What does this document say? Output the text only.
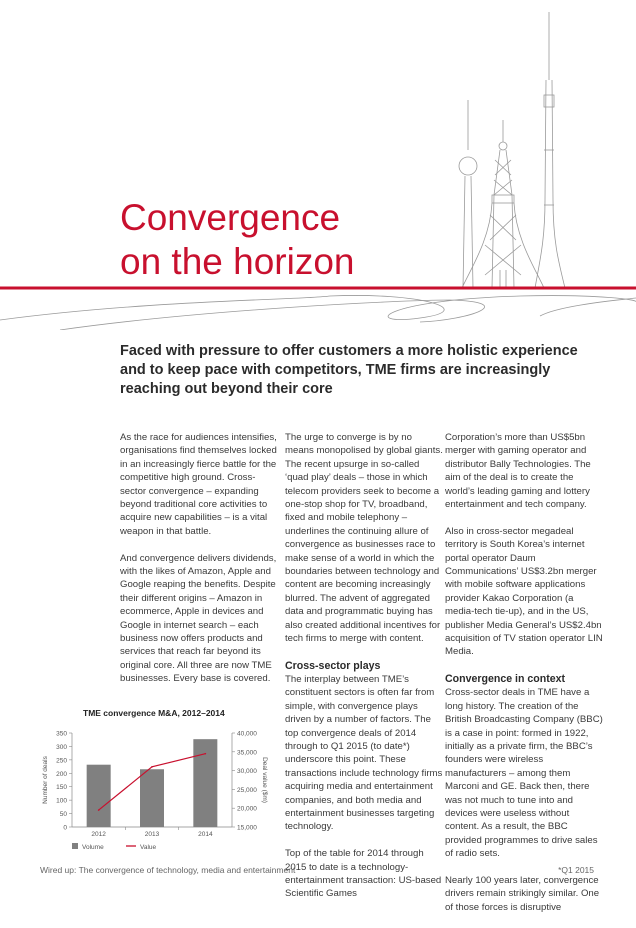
Convergence
on the horizon

Faced with pressure to offer customers a more holistic experience and to keep pace with competitors, TME firms are increasingly reaching out beyond their core

As the race for audiences intensifies, organisations find themselves locked in an increasingly fierce battle for the competitive high ground. Cross-sector convergence – expanding beyond traditional core activities to acquire new capabilities – is a vital weapon in that battle.

And convergence delivers dividends, with the likes of Amazon, Apple and Google reaping the benefits. Despite their different origins – Amazon in ecommerce, Apple in devices and Google in internet search – each business now offers products and services that reach far beyond its original core. All three are now TME businesses. Every base is covered.

The urge to converge is by no means monopolised by global giants. The recent upsurge in so-called ‘quad play’ deals – those in which telecom providers seek to become a one-stop shop for TV, broadband, fixed and mobile telephony – underlines the continuing allure of convergence as businesses race to make sense of a world in which the boundaries between technology and content are becoming increasingly blurred. The advent of aggregated data and programmatic buying has also created additional incentives for tech firms to merge with content.

Cross-sector plays

The interplay between TME’s constituent sectors is often far from simple, with convergence plays driven by a number of factors. The top convergence deals of 2014 through to Q1 2015 (to date*) underscore this point. These transactions include technology firms acquiring media and entertainment companies, and both media and entertainment businesses targeting technology.

Top of the table for 2014 through 2015 to date is a technology-entertainment transaction: US-based Scientific Games

Corporation’s more than US$5bn merger with gaming operator and distributor Bally Technologies. The aim of the deal is to create the world’s leading gaming and lottery entertainment and tech company.

Also in cross-sector megadeal territory is South Korea’s internet portal operator Daum Communications’ US$3.2bn merger with mobile software applications provider Kakao Corporation (a media-tech tie-up), and in the US, publisher Media General’s US$2.4bn acquisition of TV station operator LIN Media.

Convergence in context

Cross-sector deals in TME have a long history. The creation of the British Broadcasting Company (BBC) is a case in point: formed in 1922, initially as a private firm, the BBC’s founders were wireless manufacturers – among them Marconi and GE. Back then, there was not much to tune into and devices were useless without content. As a result, the BBC provided programmes to drive sales of radio sets.

Nearly 100 years later, convergence drivers remain strikingly similar. One of those forces is disruptive

TME convergence M&A, 2012–2014
0
50
100
150
200
250
300
350
15,000
20,000
25,000
30,000
35,000
40,000
2012	2013	2014
Number of deals	Deal value ($m)
Volume	Value
Wired up: The convergence of technology, media and entertainment	*Q1 2015
